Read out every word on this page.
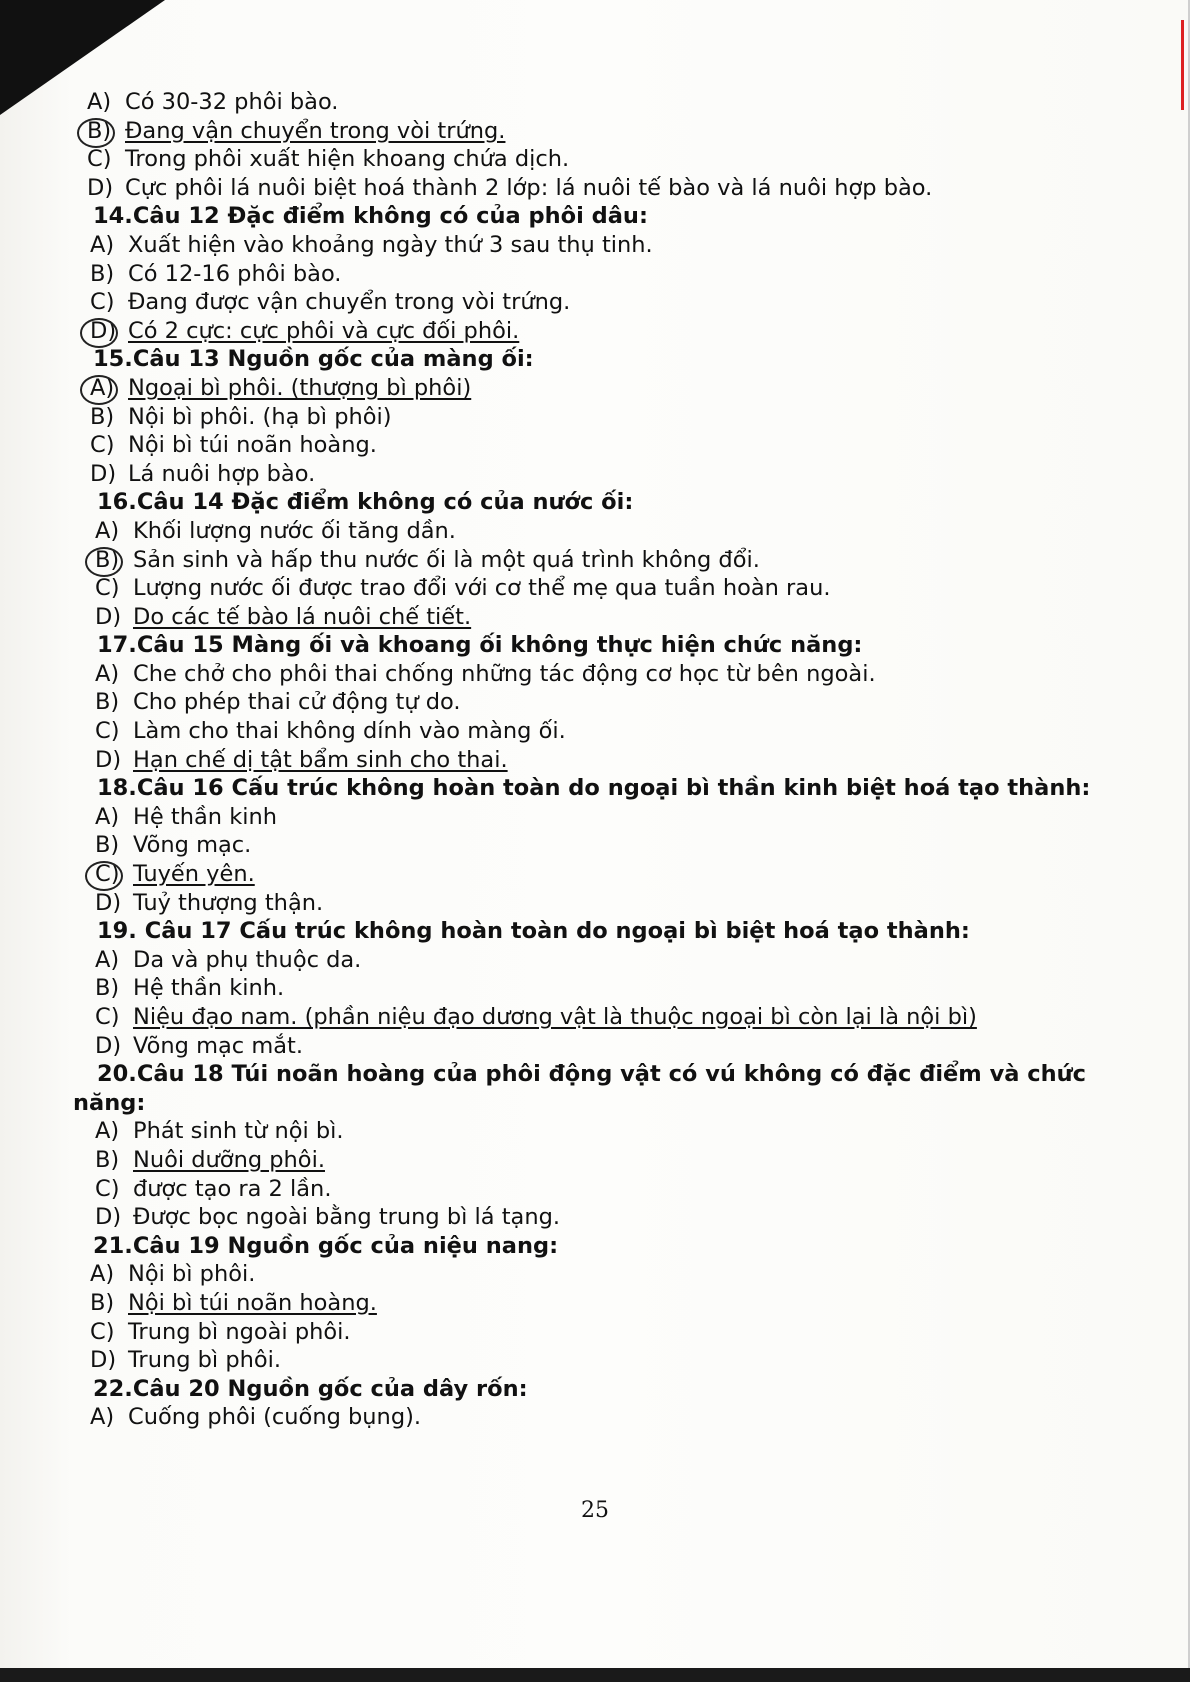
A) Có 30-32 phôi bào.
B) Đang vận chuyển trong vòi trứng.
C) Trong phôi xuất hiện khoang chứa dịch.
D) Cực phôi lá nuôi biệt hoá thành 2 lớp: lá nuôi tế bào và lá nuôi hợp bào.
14.Câu 12 Đặc điểm không có của phôi dâu:
A) Xuất hiện vào khoảng ngày thứ 3 sau thụ tinh.
B) Có 12-16 phôi bào.
C) Đang được vận chuyển trong vòi trứng.
D) Có 2 cực: cực phôi và cực đối phôi.
15.Câu 13 Nguồn gốc của màng ối:
A) Ngoại bì phôi. (thượng bì phôi)
B) Nội bì phôi. (hạ bì phôi)
C) Nội bì túi noãn hoàng.
D) Lá nuôi hợp bào.
16.Câu 14 Đặc điểm không có của nước ối:
A) Khối lượng nước ối tăng dần.
B) Sản sinh và hấp thu nước ối là một quá trình không đổi.
C) Lượng nước ối được trao đổi với cơ thể mẹ qua tuần hoàn rau.
D) Do các tế bào lá nuôi chế tiết.
17.Câu 15 Màng ối và khoang ối không thực hiện chức năng:
A) Che chở cho phôi thai chống những tác động cơ học từ bên ngoài.
B) Cho phép thai cử động tự do.
C) Làm cho thai không dính vào màng ối.
D) Hạn chế dị tật bẩm sinh cho thai.
18.Câu 16 Cấu trúc không hoàn toàn do ngoại bì thần kinh biệt hoá tạo thành:
A) Hệ thần kinh
B) Võng mạc.
C) Tuyến yên.
D) Tuỷ thượng thận.
19. Câu 17 Cấu trúc không hoàn toàn do ngoại bì biệt hoá tạo thành:
A) Da và phụ thuộc da.
B) Hệ thần kinh.
C) Niệu đạo nam. (phần niệu đạo dương vật là thuộc ngoại bì còn lại là nội bì)
D) Võng mạc mắt.
20.Câu 18 Túi noãn hoàng của phôi động vật có vú không có đặc điểm và chức
năng:
A) Phát sinh từ nội bì.
B) Nuôi dưỡng phôi.
C) được tạo ra 2 lần.
D) Được bọc ngoài bằng trung bì lá tạng.
21.Câu 19 Nguồn gốc của niệu nang:
A) Nội bì phôi.
B) Nội bì túi noãn hoàng.
C) Trung bì ngoài phôi.
D) Trung bì phôi.
22.Câu 20 Nguồn gốc của dây rốn:
A) Cuống phôi (cuống bụng).
25
